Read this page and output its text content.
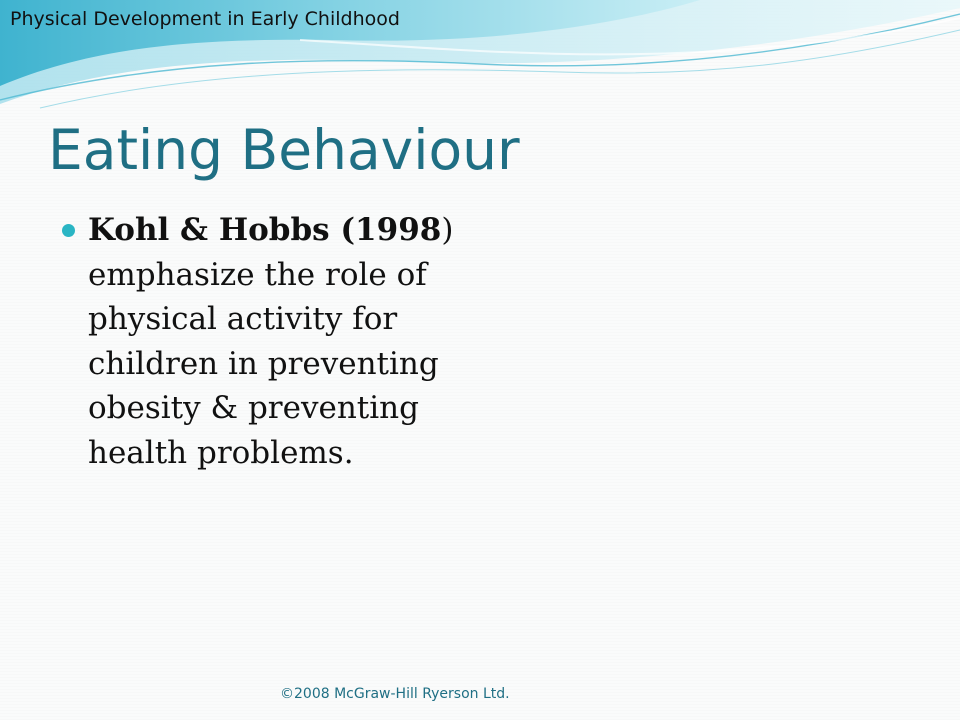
Physical Development in Early Childhood
Eating Behaviour
Kohl & Hobbs (1998) emphasize the role of physical activity for children in preventing obesity & preventing health problems.
©2008 McGraw-Hill Ryerson Ltd.
